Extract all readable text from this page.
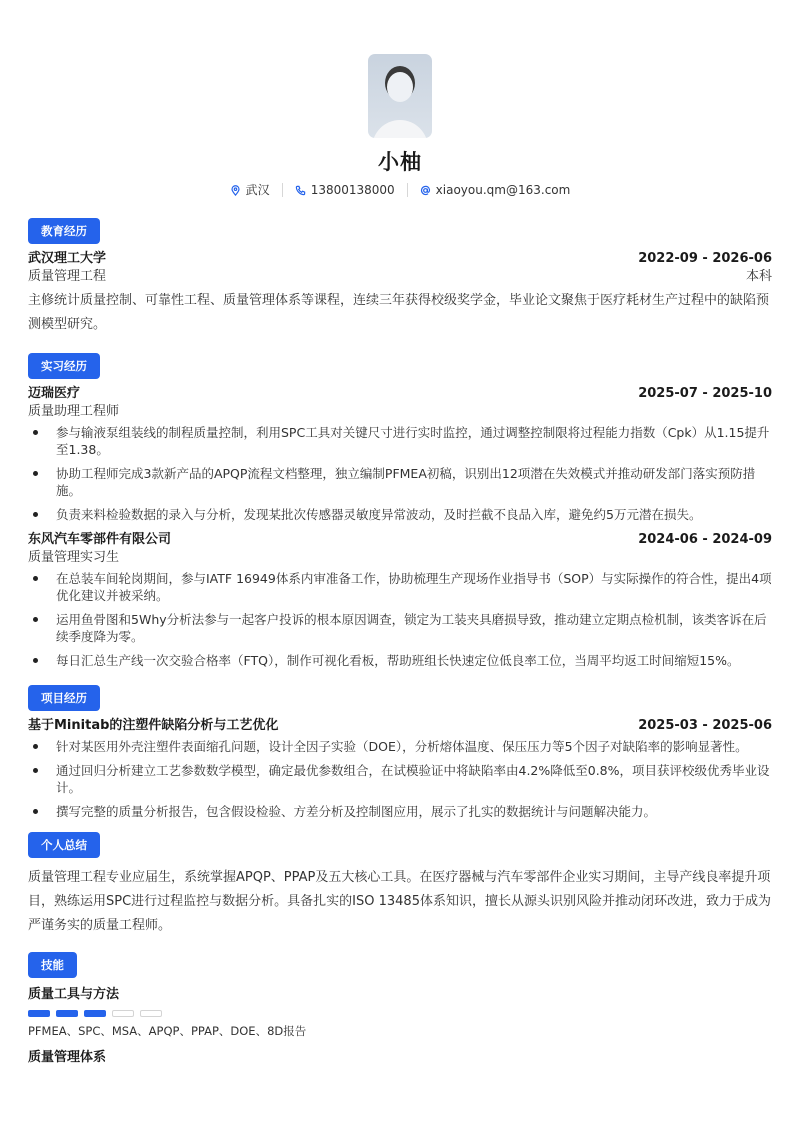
小柚
武汉	13800138000	xiaoyou.qm@163.com
教育经历
武汉理工大学	2022-09 - 2026-06
质量管理工程	本科
主修统计质量控制、可靠性工程、质量管理体系等课程，连续三年获得校级奖学金，毕业论文聚焦于医疗耗材生产过程中的缺陷预测模型研究。
实习经历
迈瑞医疗	2025-07 - 2025-10
质量助理工程师
参与输液泵组装线的制程质量控制，利用SPC工具对关键尺寸进行实时监控，通过调整控制限将过程能力指数（Cpk）从1.15提升至1.38。
协助工程师完成3款新产品的APQP流程文档整理，独立编制PFMEA初稿，识别出12项潜在失效模式并推动研发部门落实预防措施。
负责来料检验数据的录入与分析，发现某批次传感器灵敏度异常波动，及时拦截不良品入库，避免约5万元潜在损失。
东风汽车零部件有限公司	2024-06 - 2024-09
质量管理实习生
在总装车间轮岗期间，参与IATF 16949体系内审准备工作，协助梳理生产现场作业指导书（SOP）与实际操作的符合性，提出4项优化建议并被采纳。
运用鱼骨图和5Why分析法参与一起客户投诉的根本原因调查，锁定为工装夹具磨损导致，推动建立定期点检机制，该类客诉在后续季度降为零。
每日汇总生产线一次交验合格率（FTQ），制作可视化看板，帮助班组长快速定位低良率工位，当周平均返工时间缩短15%。
项目经历
基于Minitab的注塑件缺陷分析与工艺优化	2025-03 - 2025-06
针对某医用外壳注塑件表面缩孔问题，设计全因子实验（DOE），分析熔体温度、保压压力等5个因子对缺陷率的影响显著性。
通过回归分析建立工艺参数数学模型，确定最优参数组合，在试模验证中将缺陷率由4.2%降低至0.8%，项目获评校级优秀毕业设计。
撰写完整的质量分析报告，包含假设检验、方差分析及控制图应用，展示了扎实的数据统计与问题解决能力。
个人总结
质量管理工程专业应届生，系统掌握APQP、PPAP及五大核心工具。在医疗器械与汽车零部件企业实习期间，主导产线良率提升项目，熟练运用SPC进行过程监控与数据分析。具备扎实的ISO 13485体系知识，擅长从源头识别风险并推动闭环改进，致力于成为严谨务实的质量工程师。
技能
质量工具与方法
PFMEA、SPC、MSA、APQP、PPAP、DOE、8D报告
质量管理体系
